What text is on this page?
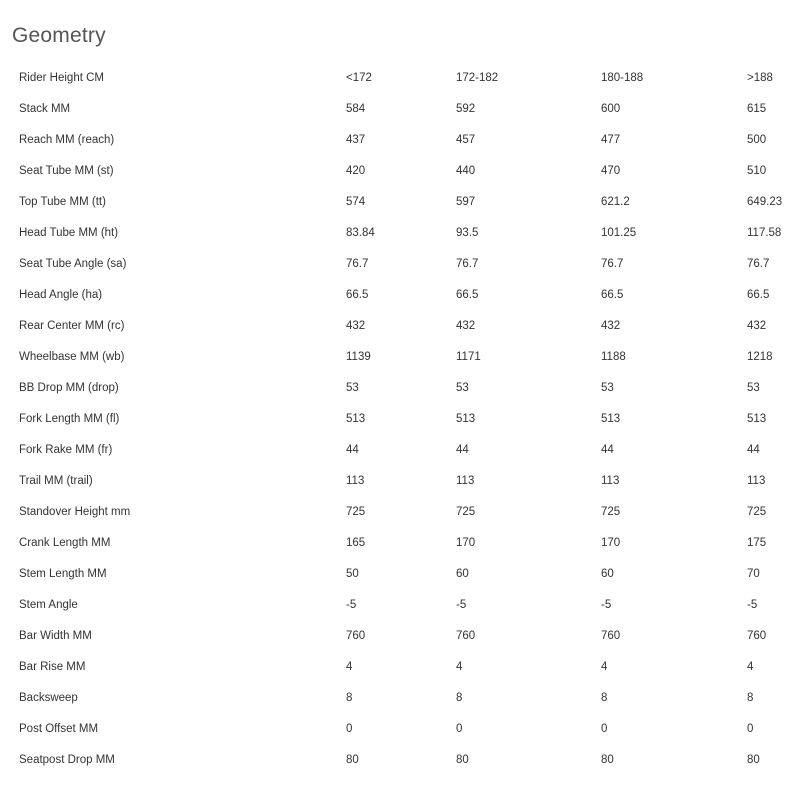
Geometry
Rider Height CM	<172	172-182	180-188	>188
Stack MM	584	592	600	615
Reach MM (reach)	437	457	477	500
Seat Tube MM (st)	420	440	470	510
Top Tube MM (tt)	574	597	621.2	649.23
Head Tube MM (ht)	83.84	93.5	101.25	117.58
Seat Tube Angle (sa)	76.7	76.7	76.7	76.7
Head Angle (ha)	66.5	66.5	66.5	66.5
Rear Center MM (rc)	432	432	432	432
Wheelbase MM (wb)	1139	1171	1188	1218
BB Drop MM (drop)	53	53	53	53
Fork Length MM (fl)	513	513	513	513
Fork Rake MM (fr)	44	44	44	44
Trail MM (trail)	113	113	113	113
Standover Height mm	725	725	725	725
Crank Length MM	165	170	170	175
Stem Length MM	50	60	60	70
Stem Angle	-5	-5	-5	-5
Bar Width MM	760	760	760	760
Bar Rise MM	4	4	4	4
Backsweep	8	8	8	8
Post Offset MM	0	0	0	0
Seatpost Drop MM	80	80	80	80
